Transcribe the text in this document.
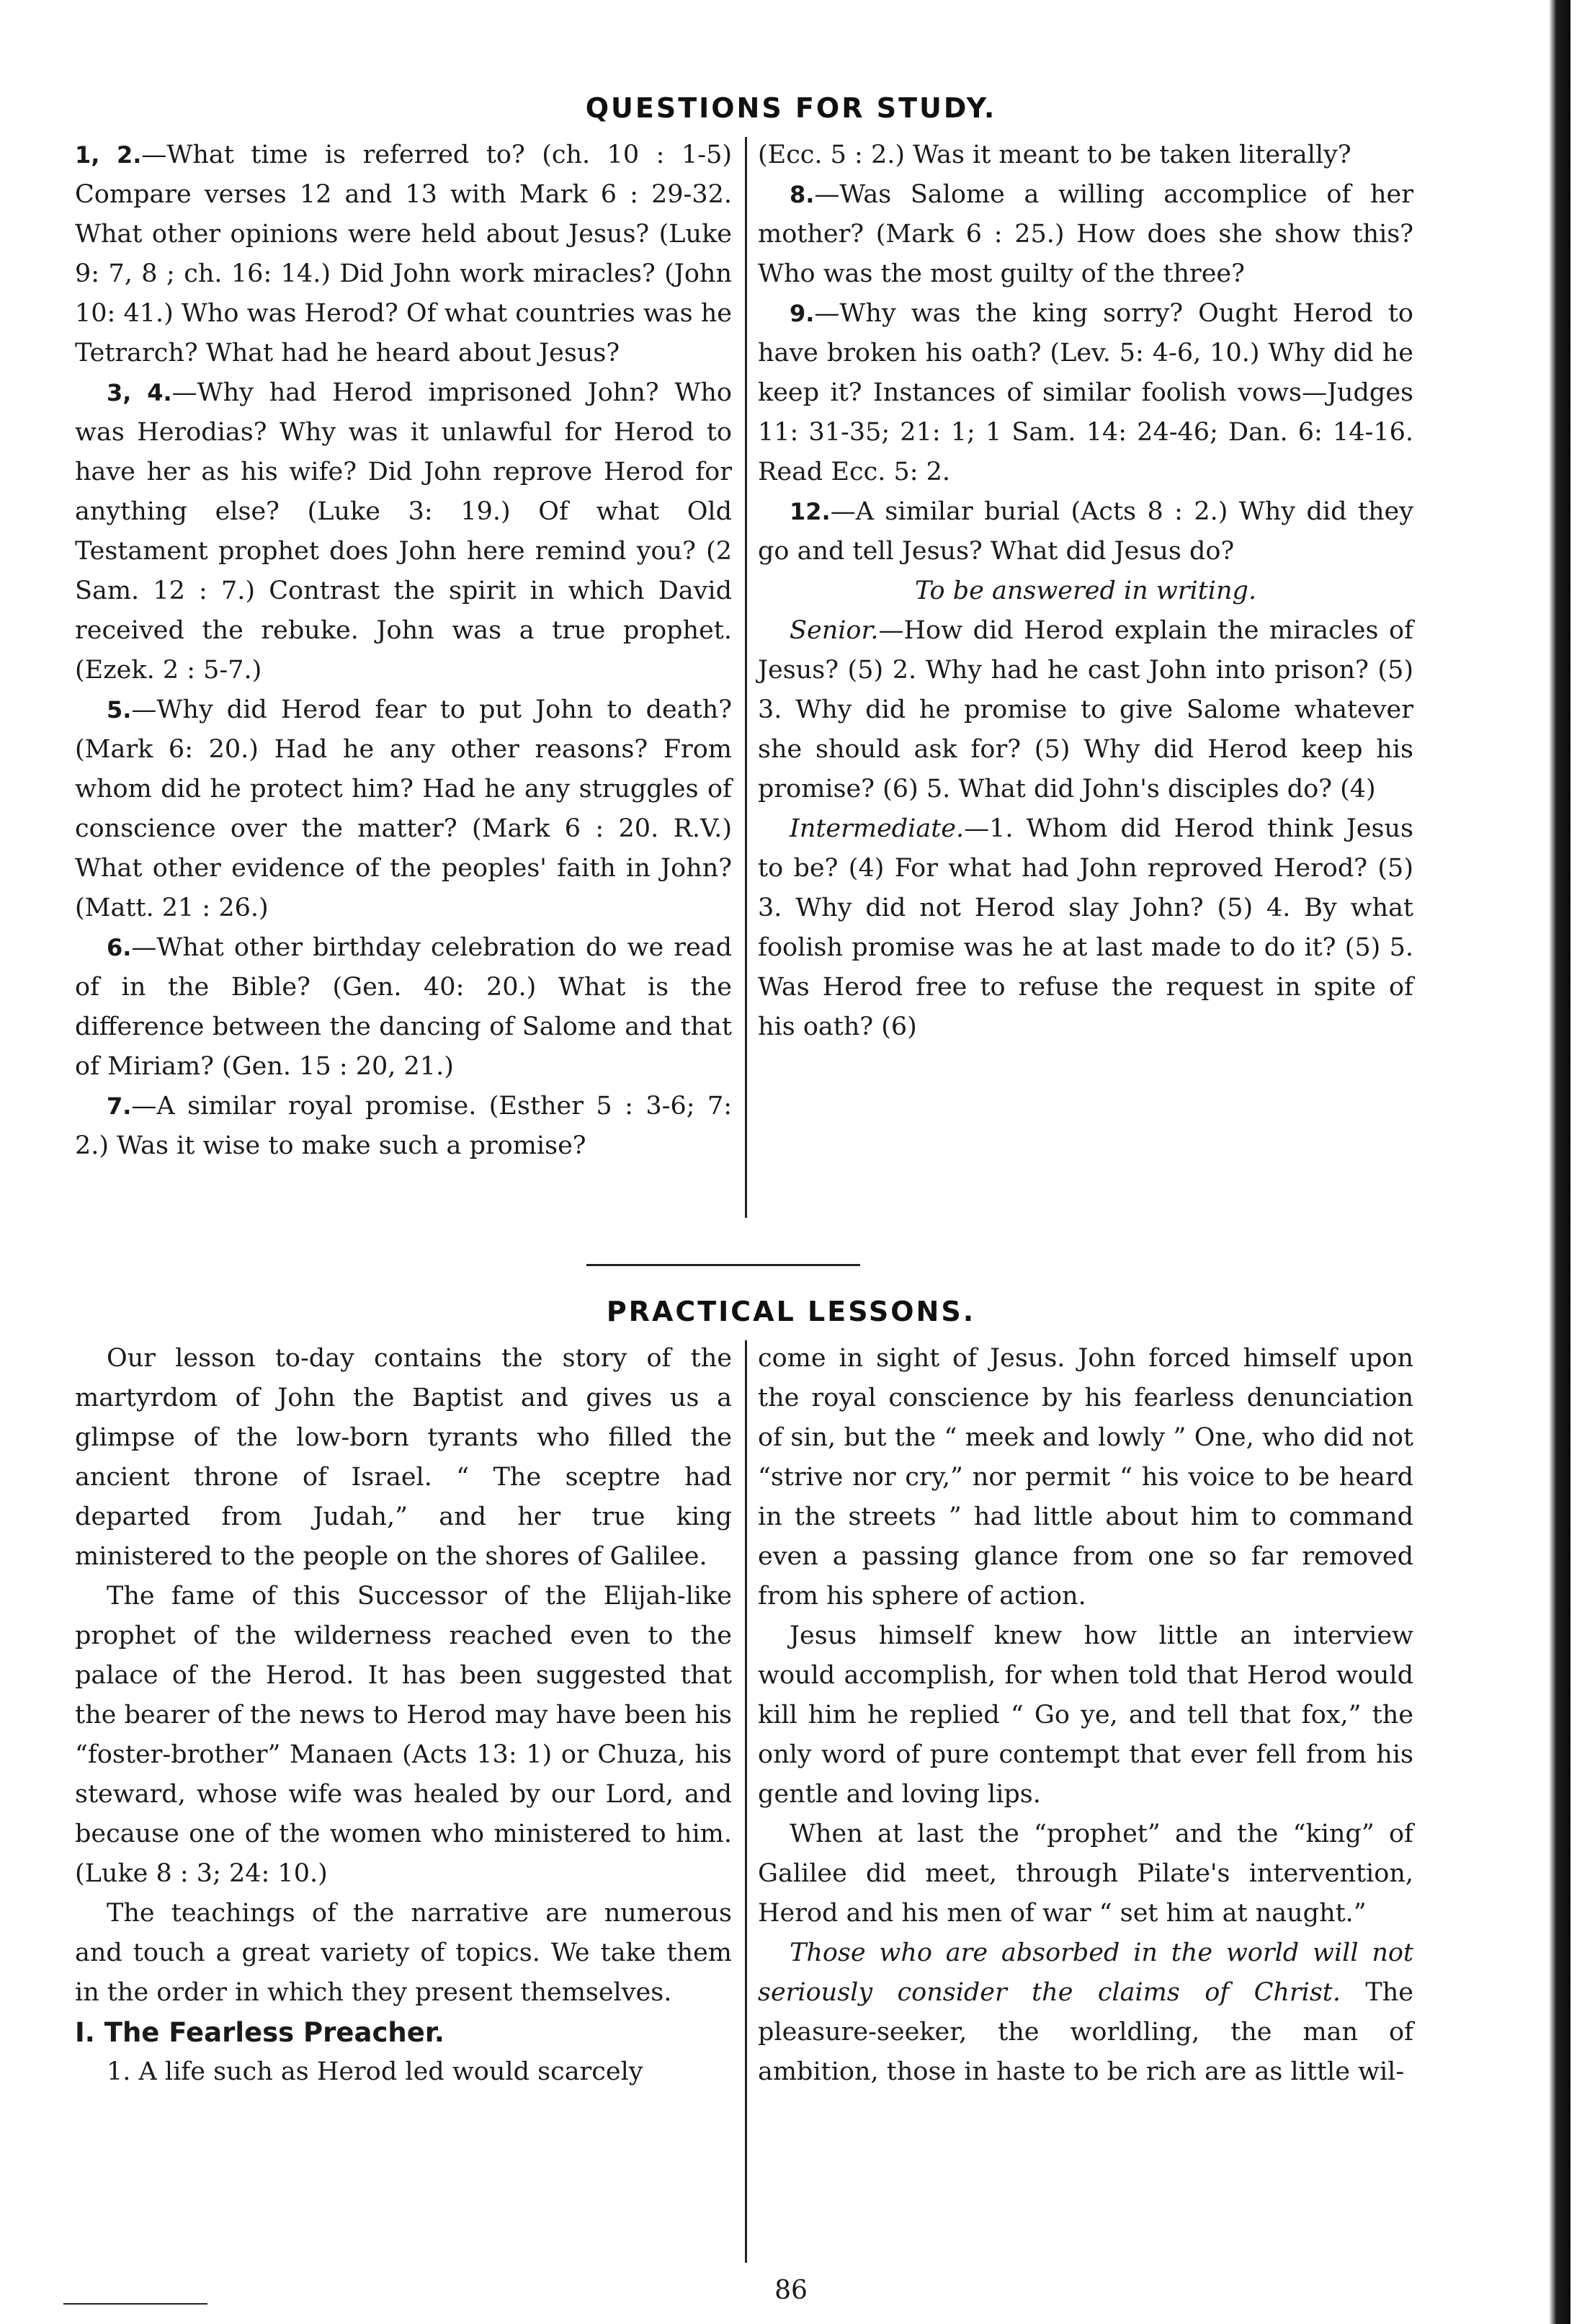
QUESTIONS FOR STUDY.

1, 2.—What time is referred to? (ch. 10 : 1-5) Compare verses 12 and 13 with Mark 6 : 29-32. What other opinions were held about Jesus? (Luke 9: 7, 8 ; ch. 16: 14.) Did John work miracles? (John 10: 41.) Who was Herod? Of what countries was he Tetrarch? What had he heard about Jesus?

3, 4.—Why had Herod imprisoned John? Who was Herodias? Why was it unlawful for Herod to have her as his wife? Did John reprove Herod for anything else? (Luke 3: 19.) Of what Old Testament prophet does John here remind you? (2 Sam. 12 : 7.) Contrast the spirit in which David received the rebuke. John was a true prophet. (Ezek. 2 : 5-7.)

5.—Why did Herod fear to put John to death? (Mark 6: 20.) Had he any other reasons? From whom did he protect him? Had he any struggles of conscience over the matter? (Mark 6 : 20. R.V.) What other evidence of the peoples' faith in John? (Matt. 21 : 26.)

6.—What other birthday celebration do we read of in the Bible? (Gen. 40: 20.) What is the difference between the dancing of Salome and that of Miriam? (Gen. 15 : 20, 21.)

7.—A similar royal promise. (Esther 5 : 3-6; 7: 2.) Was it wise to make such a promise?

(Ecc. 5 : 2.) Was it meant to be taken literally?

8.—Was Salome a willing accomplice of her mother? (Mark 6 : 25.) How does she show this? Who was the most guilty of the three?

9.—Why was the king sorry? Ought Herod to have broken his oath? (Lev. 5: 4-6, 10.) Why did he keep it? Instances of similar foolish vows—Judges 11: 31-35; 21: 1; 1 Sam. 14: 24-46; Dan. 6: 14-16. Read Ecc. 5: 2.

12.—A similar burial (Acts 8 : 2.) Why did they go and tell Jesus? What did Jesus do?

To be answered in writing.

Senior.—How did Herod explain the miracles of Jesus? (5) 2. Why had he cast John into prison? (5) 3. Why did he promise to give Salome whatever she should ask for? (5) Why did Herod keep his promise? (6) 5. What did John's disciples do? (4)

Intermediate.—1. Whom did Herod think Jesus to be? (4) For what had John reproved Herod? (5) 3. Why did not Herod slay John? (5) 4. By what foolish promise was he at last made to do it? (5) 5. Was Herod free to refuse the request in spite of his oath? (6)

PRACTICAL LESSONS.

Our lesson to-day contains the story of the martyrdom of John the Baptist and gives us a glimpse of the low-born tyrants who filled the ancient throne of Israel. “ The sceptre had departed from Judah,” and her true king ministered to the people on the shores of Galilee.

The fame of this Successor of the Elijah-like prophet of the wilderness reached even to the palace of the Herod. It has been suggested that the bearer of the news to Herod may have been his “foster-brother” Manaen (Acts 13: 1) or Chuza, his steward, whose wife was healed by our Lord, and because one of the women who ministered to him. (Luke 8 : 3; 24: 10.)

The teachings of the narrative are numerous and touch a great variety of topics. We take them in the order in which they present themselves.

I. The Fearless Preacher.

1. A life such as Herod led would scarcely

come in sight of Jesus. John forced himself upon the royal conscience by his fearless denunciation of sin, but the “ meek and lowly ” One, who did not “strive nor cry,” nor permit “ his voice to be heard in the streets ” had little about him to command even a passing glance from one so far removed from his sphere of action.

Jesus himself knew how little an interview would accomplish, for when told that Herod would kill him he replied “ Go ye, and tell that fox,” the only word of pure contempt that ever fell from his gentle and loving lips.

When at last the “prophet” and the “king” of Galilee did meet, through Pilate's intervention, Herod and his men of war “ set him at naught.”

Those who are absorbed in the world will not seriously consider the claims of Christ. The pleasure-seeker, the worldling, the man of ambition, those in haste to be rich are as little wil-

86
